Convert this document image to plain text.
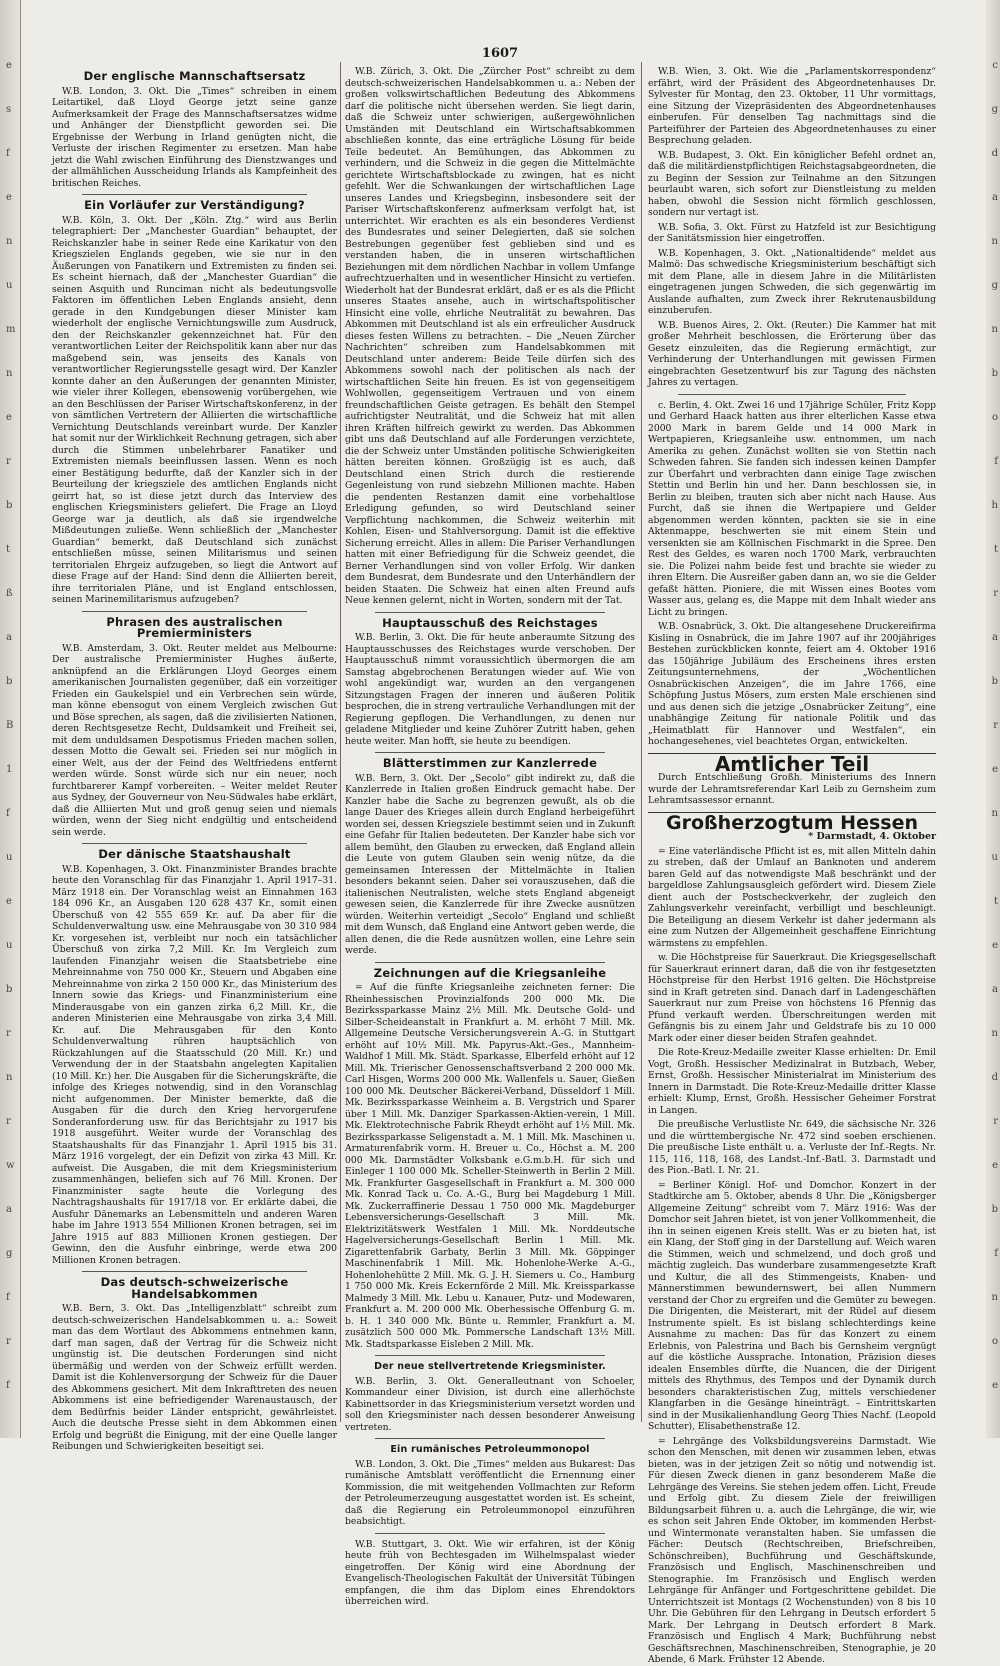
e
s
f
e
n
u
m
n
e
r
b
t
ß
a
b
B
1
f
u
e
u
b
r
n
r
w
a
g
f
r
f
c
g
d
a
n
g
n
b
o
f
h
t
r
a
b
r
e
n
u
t
e
a
n
d
r
e
b
f
n
o
e
1607
Der englische Mannschaftsersatz

W.B. London, 3. Okt. Die „Times“ schreiben in einem Leitartikel, daß Lloyd George jetzt seine ganze Aufmerksamkeit der Frage des Mannschaftsersatzes widme und Anhänger der Dienstpflicht geworden sei. Die Ergebnisse der Werbung in Irland genügten nicht, die Verluste der irischen Regimenter zu ersetzen. Man habe jetzt die Wahl zwischen Einführung des Dienstzwanges und der allmählichen Ausscheidung Irlands als Kampfeinheit des britischen Reiches.

Ein Vorläufer zur Verständigung?

W.B. Köln, 3. Okt. Der „Köln. Ztg.“ wird aus Berlin telegraphiert: Der „Manchester Guardian“ behauptet, der Reichskanzler habe in seiner Rede eine Karikatur von den Kriegszielen Englands gegeben, wie sie nur in den Äußerungen von Fanatikern und Extremisten zu finden sei. Es scheint hiernach, daß der „Manchester Guardian“ die seinen Asquith und Runciman nicht als bedeutungsvolle Faktoren im öffentlichen Leben Englands ansieht, denn gerade in den Kundgebungen dieser Minister kam wiederholt der englische Vernichtungswille zum Ausdruck, den der Reichskanzler gekennzeichnet hat. Für den verantwortlichen Leiter der Reichspolitik kann aber nur das maßgebend sein, was jenseits des Kanals von verantwortlicher Regierungsstelle gesagt wird. Der Kanzler konnte daher an den Äußerungen der genannten Minister, wie vieler ihrer Kollegen, ebensowenig vorübergehen, wie an den Beschlüssen der Pariser Wirtschaftskonferenz, in der von sämtlichen Vertretern der Alliierten die wirtschaftliche Vernichtung Deutschlands vereinbart wurde. Der Kanzler hat somit nur der Wirklichkeit Rechnung getragen, sich aber durch die Stimmen unbelehrbarer Fanatiker und Extremisten niemals beeinflussen lassen. Wenn es noch einer Bestätigung bedurfte, daß der Kanzler sich in der Beurteilung der kriegsziele des amtlichen Englands nicht geirrt hat, so ist diese jetzt durch das Interview des englischen Kriegsministers geliefert. Die Frage an Lloyd George war ja deutlich, als daß sie irgendwelche Mißdeutungen zuließe. Wenn schließlich der „Manchester Guardian“ bemerkt, daß Deutschland sich zunächst entschließen müsse, seinen Militarismus und seinen territorialen Ehrgeiz aufzugeben, so liegt die Antwort auf diese Frage auf der Hand: Sind denn die Alliierten bereit, ihre territorialen Pläne, und ist England entschlossen, seinen Marinemilitarismus aufzugeben?

Phrasen des australischen Premierministers

W.B. Amsterdam, 3. Okt. Reuter meldet aus Melbourne: Der australische Premierminister Hughes äußerte, anknüpfend an die Erklärungen Lloyd Georges einem amerikanischen Journalisten gegenüber, daß ein vorzeitiger Frieden ein Gaukelspiel und ein Verbrechen sein würde, man könne ebensogut von einem Vergleich zwischen Gut und Böse sprechen, als sagen, daß die zivilisierten Nationen, deren Rechtsgesetze Recht, Duldsamkeit und Freiheit sei, mit dem unduldsamen Despotismus Frieden machen sollen, dessen Motto die Gewalt sei. Frieden sei nur möglich in einer Welt, aus der der Feind des Weltfriedens entfernt werden würde. Sonst würde sich nur ein neuer, noch furchtbarerer Kampf vorbereiten. – Weiter meldet Reuter aus Sydney, der Gouverneur von Neu-Südwales habe erklärt, daß die Alliierten Mut und groß genug seien und niemals würden, wenn der Sieg nicht endgültig und entscheidend sein werde.

Der dänische Staatshaushalt

W.B. Kopenhagen, 3. Okt. Finanzminister Brandes brachte heute den Voranschlag für das Finanzjahr 1. April 1917–31. März 1918 ein. Der Voranschlag weist an Einnahmen 163 184 096 Kr., an Ausgaben 120 628 437 Kr., somit einen Überschuß von 42 555 659 Kr. auf. Da aber für die Schuldenverwaltung usw. eine Mehrausgabe von 30 310 984 Kr. vorgesehen ist, verbleibt nur noch ein tatsächlicher Überschuß von zirka 7,2 Mill. Kr. Im Vergleich zum laufenden Finanzjahr weisen die Staatsbetriebe eine Mehreinnahme von 750 000 Kr., Steuern und Abgaben eine Mehreinnahme von zirka 2 150 000 Kr., das Ministerium des Innern sowie das Kriegs- und Finanzministerium eine Minderausgabe von ein ganzen zirka 6,2 Mill. Kr., die anderen Ministerien eine Mehrausgabe von zirka 3,4 Mill. Kr. auf. Die Mehrausgaben für den Konto Schuldenverwaltung rühren hauptsächlich von Rückzahlungen auf die Staatsschuld (20 Mill. Kr.) und Verwendung der in der Staatsbahn angelegten Kapitalien (10 Mill. Kr.) her. Die Ausgaben für die Sicherungskräfte, die infolge des Krieges notwendig, sind in den Voranschlag nicht aufgenommen. Der Minister bemerkte, daß die Ausgaben für die durch den Krieg hervorgerufene Sonderanforderung usw. für das Berichtsjahr zu 1917 bis 1918 ausgeführt. Weiter wurde der Voranschlag des Staatshaushalts für das Finanzjahr 1. April 1915 bis 31. März 1916 vorgelegt, der ein Defizit von zirka 43 Mill. Kr. aufweist. Die Ausgaben, die mit dem Kriegsministerium zusammenhängen, beliefen sich auf 76 Mill. Kronen. Der Finanzminister sagte heute die Vorlegung des Nachtragshaushalts für 1917/18 vor. Er erklärte dabei, die Ausfuhr Dänemarks an Lebensmitteln und anderen Waren habe im Jahre 1913 554 Millionen Kronen betragen, sei im Jahre 1915 auf 883 Millionen Kronen gestiegen. Der Gewinn, den die Ausfuhr einbringe, werde etwa 200 Millionen Kronen betragen.

Das deutsch-schweizerische Handelsabkommen

W.B. Bern, 3. Okt. Das „Intelligenzblatt“ schreibt zum deutsch-schweizerischen Handelsabkommen u. a.: Soweit man das dem Wortlaut des Abkommens entnehmen kann, darf man sagen, daß der Vertrag für die Schweiz nicht ungünstig ist. Die deutschen Forderungen sind nicht übermäßig und werden von der Schweiz erfüllt werden. Damit ist die Kohlenversorgung der Schweiz für die Dauer des Abkommens gesichert. Mit dem Inkrafttreten des neuen Abkommens ist eine befriedigender Warenaustausch, der dem Bedürfnis beider Länder entspricht, gewährleistet. Auch die deutsche Presse sieht in dem Abkommen einen Erfolg und begrüßt die Einigung, mit der eine Quelle langer Reibungen und Schwierigkeiten beseitigt sei.

W.B. Zürich, 3. Okt. Die „Zürcher Post“ schreibt zu dem deutsch-schweizerischen Handelsabkommen u. a.: Neben der großen volkswirtschaftlichen Bedeutung des Abkommens darf die politische nicht übersehen werden. Sie liegt darin, daß die Schweiz unter schwierigen, außergewöhnlichen Umständen mit Deutschland ein Wirtschaftsabkommen abschließen konnte, das eine erträgliche Lösung für beide Teile bedeutet. An Bemühungen, das Abkommen zu verhindern, und die Schweiz in die gegen die Mittelmächte gerichtete Wirtschaftsblockade zu zwingen, hat es nicht gefehlt. Wer die Schwankungen der wirtschaftlichen Lage unseres Landes und Kriegsbeginn, insbesondere seit der Pariser Wirtschaftskonferenz aufmerksam verfolgt hat, ist unterrichtet. Wir erachten es als ein besonderes Verdienst des Bundesrates und seiner Delegierten, daß sie solchen Bestrebungen gegenüber fest geblieben sind und es verstanden haben, die in unseren wirtschaftlichen Beziehungen mit dem nördlichen Nachbar in vollem Umfange aufrechtzuerhalten und in wesentlicher Hinsicht zu vertiefen. Wiederholt hat der Bundesrat erklärt, daß er es als die Pflicht unseres Staates ansehe, auch in wirtschaftspolitischer Hinsicht eine volle, ehrliche Neutralität zu bewahren. Das Abkommen mit Deutschland ist als ein erfreulicher Ausdruck dieses festen Willens zu betrachten. – Die „Neuen Zürcher Nachrichten“ schreiben zum Handelsabkommen mit Deutschland unter anderem: Beide Teile dürfen sich des Abkommens sowohl nach der politischen als nach der wirtschaftlichen Seite hin freuen. Es ist von gegenseitigem Wohlwollen, gegenseitigem Vertrauen und von einem freundschaftlichen Geiste getragen. Es behält den Stempel aufrichtigster Neutralität, und die Schweiz hat mit allen ihren Kräften hilfreich gewirkt zu werden. Das Abkommen gibt uns daß Deutschland auf alle Forderungen verzichtete, die der Schweiz unter Umständen politische Schwierigkeiten hätten bereiten können. Großzügig ist es auch, daß Deutschland einen Strich durch die restierende Gegenleistung von rund siebzehn Millionen machte. Haben die pendenten Restanzen damit eine vorbehaltlose Erledigung gefunden, so wird Deutschland seiner Verpflichtung nachkommen, die Schweiz weiterhin mit Kohlen, Eisen- und Stahlversorgung. Damit ist die effektive Sicherung erreicht. Alles in allem: Die Pariser Verhandlungen hatten mit einer Befriedigung für die Schweiz geendet, die Berner Verhandlungen sind von voller Erfolg. Wir danken dem Bundesrat, dem Bundesrate und den Unterhändlern der beiden Staaten. Die Schweiz hat einen alten Freund aufs Neue kennen gelernt, nicht in Worten, sondern mit der Tat.

Hauptausschuß des Reichstages

W.B. Berlin, 3. Okt. Die für heute anberaumte Sitzung des Hauptausschusses des Reichstages wurde verschoben. Der Hauptausschuß nimmt voraussichtlich übermorgen die am Samstag abgebrochenen Beratungen wieder auf. Wie von wohl angekündigt war, wurden an den vergangenen Sitzungstagen Fragen der inneren und äußeren Politik besprochen, die in streng vertrauliche Verhandlungen mit der Regierung gepflogen. Die Verhandlungen, zu denen nur geladene Mitglieder und keine Zuhörer Zutritt haben, gehen heute weiter. Man hofft, sie heute zu beendigen.

Blätterstimmen zur Kanzlerrede

W.B. Bern, 3. Okt. Der „Secolo“ gibt indirekt zu, daß die Kanzlerrede in Italien großen Eindruck gemacht habe. Der Kanzler habe die Sache zu begrenzen gewußt, als ob die lange Dauer des Krieges allein durch England herbeigeführt worden sei, dessen Kriegsziele bestimmt seien und in Zukunft eine Gefahr für Italien bedeuteten. Der Kanzler habe sich vor allem bemüht, den Glauben zu erwecken, daß England allein die Leute von gutem Glauben sein wenig nütze, da die gemeinsamen Interessen der Mittelmächte in Italien besonders bekannt seien. Daher sei vorauszusehen, daß die italienischen Neutralisten, welche stets England abgeneigt gewesen seien, die Kanzlerrede für ihre Zwecke ausnützen würden. Weiterhin verteidigt „Secolo“ England und schließt mit dem Wunsch, daß England eine Antwort geben werde, die allen denen, die die Rede ausnützen wollen, eine Lehre sein werde.

Zeichnungen auf die Kriegsanleihe

= Auf die fünfte Kriegsanleihe zeichneten ferner: Die Rheinhessischen Provinzialfonds 200 000 Mk. Die Bezirkssparkasse Mainz 2½ Mill. Mk. Deutsche Gold- und Silber-Scheideanstalt in Frankfurt a. M. erhöht 7 Mill. Mk. Allgemeine Deutsche Versicherungsverein A.-G. in Stuttgart erhöht auf 10½ Mill. Mk. Papyrus-Akt.-Ges., Mannheim-Waldhof 1 Mill. Mk. Städt. Sparkasse, Elberfeld erhöht auf 12 Mill. Mk. Trierischer Genossenschaftsverband 2 200 000 Mk. Carl Hisgen, Worms 200 000 Mk. Wallenfels u. Sauer, Gießen 100 000 Mk. Deutscher Bäckerei-Verband, Düsseldorf 1 Mill. Mk. Bezirkssparkasse Weinheim a. B. Vergstrich und Sparer über 1 Mill. Mk. Danziger Sparkassen-Aktien-verein, 1 Mill. Mk. Elektrotechnische Fabrik Rheydt erhöht auf 1½ Mill. Mk. Bezirkssparkasse Seligenstadt a. M. 1 Mill. Mk. Maschinen u. Armaturenfabrik vorm. H. Breuer u. Co., Höchst a. M. 200 000 Mk. Darmstädter Volksbank e.G.m.b.H. für sich und Einleger 1 100 000 Mk. Scheller-Steinwerth in Berlin 2 Mill. Mk. Frankfurter Gasgesellschaft in Frankfurt a. M. 300 000 Mk. Konrad Tack u. Co. A.-G., Burg bei Magdeburg 1 Mill. Mk. Zuckerraffinerie Dessau 1 750 000 Mk. Magdeburger Lebensversicherungs-Gesellschaft 3 Mill. Mk. Elektrizitätswerk Westfalen 1 Mill. Mk. Norddeutsche Hagelversicherungs-Gesellschaft Berlin 1 Mill. Mk. Zigarettenfabrik Garbaty, Berlin 3 Mill. Mk. Göppinger Maschinenfabrik 1 Mill. Mk. Hohenlohe-Werke A.-G., Hohenlohehütte 2 Mill. Mk. G. J. H. Siemers u. Co., Hamburg 1 750 000 Mk. Kreis Eckernförde 2 Mill. Mk. Kreissparkasse Malmedy 3 Mill. Mk. Lebu u. Kanauer, Putz- und Modewaren, Frankfurt a. M. 200 000 Mk. Oberhessische Offenburg G. m. b. H. 1 340 000 Mk. Bünte u. Remmler, Frankfurt a. M. zusätzlich 500 000 Mk. Pommersche Landschaft 13½ Mill. Mk. Stadtsparkasse Eisleben 2 Mill. Mk.

Der neue stellvertretende Kriegsminister.

W.B. Berlin, 3. Okt. Generalleutnant von Schoeler, Kommandeur einer Division, ist durch eine allerhöchste Kabinettsorder in das Kriegsministerium versetzt worden und soll den Kriegsminister nach dessen besonderer Anweisung vertreten.

Ein rumänisches Petroleummonopol

W.B. London, 3. Okt. Die „Times“ melden aus Bukarest: Das rumänische Amtsblatt veröffentlicht die Ernennung einer Kommission, die mit weitgehenden Vollmachten zur Reform der Petroleumerzeugung ausgestattet worden ist. Es scheint, daß die Regierung ein Petroleummonopol einzuführen beabsichtigt.

W.B. Stuttgart, 3. Okt. Wie wir erfahren, ist der König heute früh von Bechtesgaden im Wilhelmspalast wieder eingetroffen. Der König wird eine Abordnung der Evangelisch-Theologischen Fakultät der Universität Tübingen empfangen, die ihm das Diplom eines Ehrendoktors überreichen wird.

W.B. Wien, 3. Okt. Wie die „Parlamentskorrespondenz“ erfährt, wird der Präsident des Abgeordnetenhauses Dr. Sylvester für Montag, den 23. Oktober, 11 Uhr vormittags, eine Sitzung der Vizepräsidenten des Abgeordnetenhauses einberufen. Für denselben Tag nachmittags sind die Parteiführer der Parteien des Abgeordnetenhauses zu einer Besprechung geladen.

W.B. Budapest, 3. Okt. Ein königlicher Befehl ordnet an, daß die militärdienstpflichtigen Reichstagsabgeordneten, die zu Beginn der Session zur Teilnahme an den Sitzungen beurlaubt waren, sich sofort zur Dienstleistung zu melden haben, obwohl die Session nicht förmlich geschlossen, sondern nur vertagt ist.

W.B. Sofia, 3. Okt. Fürst zu Hatzfeld ist zur Besichtigung der Sanitätsmission hier eingetroffen.

W.B. Kopenhagen, 3. Okt. „Nationaltidende“ meldet aus Malmö: Das schwedische Kriegsministerium beschäftigt sich mit dem Plane, alle in diesem Jahre in die Militärlisten eingetragenen jungen Schweden, die sich gegenwärtig im Auslande aufhalten, zum Zweck ihrer Rekrutenausbildung einzuberufen.

W.B. Buenos Aires, 2. Okt. (Reuter.) Die Kammer hat mit großer Mehrheit beschlossen, die Erörterung über das Gesetz einzuleiten, das die Regierung ermächtigt, zur Verhinderung der Unterhandlungen mit gewissen Firmen eingebrachten Gesetzentwurf bis zur Tagung des nächsten Jahres zu vertagen.

c. Berlin, 4. Okt. Zwei 16 und 17jährige Schüler, Fritz Kopp und Gerhard Haack hatten aus ihrer elterlichen Kasse etwa 2000 Mark in barem Gelde und 14 000 Mark in Wertpapieren, Kriegsanleihe usw. entnommen, um nach Amerika zu gehen. Zunächst wollten sie von Stettin nach Schweden fahren. Sie fanden sich indessen keinen Dampfer zur Überfahrt und verbrachten dann einige Tage zwischen Stettin und Berlin hin und her. Dann beschlossen sie, in Berlin zu bleiben, trauten sich aber nicht nach Hause. Aus Furcht, daß sie ihnen die Wertpapiere und Gelder abgenommen werden könnten, packten sie sie in eine Aktenmappe, beschwerten sie mit einem Stein und versenkten sie am Köllnischen Fischmarkt in die Spree. Den Rest des Geldes, es waren noch 1700 Mark, verbrauchten sie. Die Polizei nahm beide fest und brachte sie wieder zu ihren Eltern. Die Ausreißer gaben dann an, wo sie die Gelder gefaßt hätten. Pioniere, die mit Wissen eines Bootes vom Wasser aus, gelang es, die Mappe mit dem Inhalt wieder ans Licht zu bringen.

W.B. Osnabrück, 3. Okt. Die altangesehene Druckereifirma Kisling in Osnabrück, die im Jahre 1907 auf ihr 200jähriges Bestehen zurückblicken konnte, feiert am 4. Oktober 1916 das 150jährige Jubiläum des Erscheinens ihres ersten Zeitungsunternehmens, der „Wöchentlichen Osnabrückischen Anzeigen“, die im Jahre 1766, eine Schöpfung Justus Mösers, zum ersten Male erschienen sind und aus denen sich die jetzige „Osnabrücker Zeitung“, eine unabhängige Zeitung für nationale Politik und das „Heimatblatt für Hannover und Westfalen“, ein hochangesehenes, viel beachtetes Organ, entwickelten.

Amtlicher Teil

Durch Entschließung Großh. Ministeriums des Innern wurde der Lehramtsreferendar Karl Leib zu Gernsheim zum Lehramtsassessor ernannt.

Großherzogtum Hessen
* Darmstadt, 4. Oktober

= Eine vaterländische Pflicht ist es, mit allen Mitteln dahin zu streben, daß der Umlauf an Banknoten und anderem baren Geld auf das notwendigste Maß beschränkt und der bargeldlose Zahlungsausgleich gefördert wird. Diesem Ziele dient auch der Postscheckverkehr, der zugleich den Zahlungsverkehr vereinfacht, verbilligt und beschleunigt. Die Beteiligung an diesem Verkehr ist daher jedermann als eine zum Nutzen der Allgemeinheit geschaffene Einrichtung wärmstens zu empfehlen.

w. Die Höchstpreise für Sauerkraut. Die Kriegsgesellschaft für Sauerkraut erinnert daran, daß die von ihr festgesetzten Höchstpreise für den Herbst 1916 gelten. Die Höchstpreise sind in Kraft getreten sind. Danach darf in Ladengeschäften Sauerkraut nur zum Preise von höchstens 16 Pfennig das Pfund verkauft werden. Überschreitungen werden mit Gefängnis bis zu einem Jahr und Geldstrafe bis zu 10 000 Mark oder einer dieser beiden Strafen geahndet.

Die Rote-Kreuz-Medaille zweiter Klasse erhielten: Dr. Emil Vogt, Großh. Hessischer Medizinalrat in Butzbach, Weber, Ernst, Großh. Hessischer Ministerialrat im Ministerium des Innern in Darmstadt. Die Rote-Kreuz-Medaille dritter Klasse erhielt: Klump, Ernst, Großh. Hessischer Geheimer Forstrat in Langen.

Die preußische Verlustliste Nr. 649, die sächsische Nr. 326 und die württembergische Nr. 472 sind soeben erschienen. Die preußische Liste enthält u. a. Verluste der Inf.-Regts. Nr. 115, 116, 118, 168, des Landst.-Inf.-Batl. 3. Darmstadt und des Pion.-Batl. I. Nr. 21.

= Berliner Königl. Hof- und Domchor. Konzert in der Stadtkirche am 5. Oktober, abends 8 Uhr. Die „Königsberger Allgemeine Zeitung“ schreibt vom 7. März 1916: Was der Domchor seit Jahren bietet, ist von jener Vollkommenheit, die ihn in seinen eigenen Kreis stellt. Was er zu bieten hat, ist ein Klang, der Stoff ging in der Darstellung auf. Weich waren die Stimmen, weich und schmelzend, und doch groß und mächtig zugleich. Das wunderbare zusammengesetzte Kraft und Kultur, die all des Stimmengeists, Knaben- und Männerstimmen bewundernswert, bei allen Nummern verstand der Chor zu ergreifen und die Gemüter zu bewegen. Die Dirigenten, die Meisterart, mit der Rüdel auf diesem Instrumente spielt. Es ist bislang schlechterdings keine Ausnahme zu machen: Das für das Konzert zu einem Erlebnis, von Palestrina und Bach bis Gernsheim vergnügt auf die köstliche Aussprache. Intonation, Präzision dieses idealen Ensembles dürfte, die Nuancen, die der Dirigent mittels des Rhythmus, des Tempos und der Dynamik durch besonders charakteristischen Zug, mittels verschiedener Klangfarben in die Gesänge hineinträgt. – Eintrittskarten sind in der Musikalienhandlung Georg Thies Nachf. (Leopold Schutter), Elisabethenstraße 12.

= Lehrgänge des Volksbildungsvereins Darmstadt. Wie schon den Menschen, mit denen wir zusammen leben, etwas bieten, was in der jetzigen Zeit so nötig und notwendig ist. Für diesen Zweck dienen in ganz besonderem Maße die Lehrgänge des Vereins. Sie stehen jedem offen. Licht, Freude und Erfolg gibt. Zu diesem Ziele der freiwilligen Bildungsarbeit führen u. a. auch die Lehrgänge, die wir, wie es schon seit Jahren Ende Oktober, im kommenden Herbst- und Wintermonate veranstalten haben. Sie umfassen die Fächer: Deutsch (Rechtschreiben, Briefschreiben, Schönschreiben), Buchführung und Geschäftskunde, Französisch und Englisch, Maschinenschreiben und Stenographie. Im Französisch und Englisch werden Lehrgänge für Anfänger und Fortgeschrittene gebildet. Die Unterrichtszeit ist Montags (2 Wochenstunden) von 8 bis 10 Uhr. Die Gebühren für den Lehrgang in Deutsch erfordert 5 Mark. Der Lehrgang in Deutsch erfordert 8 Mark. Französisch und Englisch 4 Mark; Buchführung nebst Geschäftsrechnen, Maschinenschreiben, Stenographie, je 20 Abende, 6 Mark. Frühster 12 Abende.
